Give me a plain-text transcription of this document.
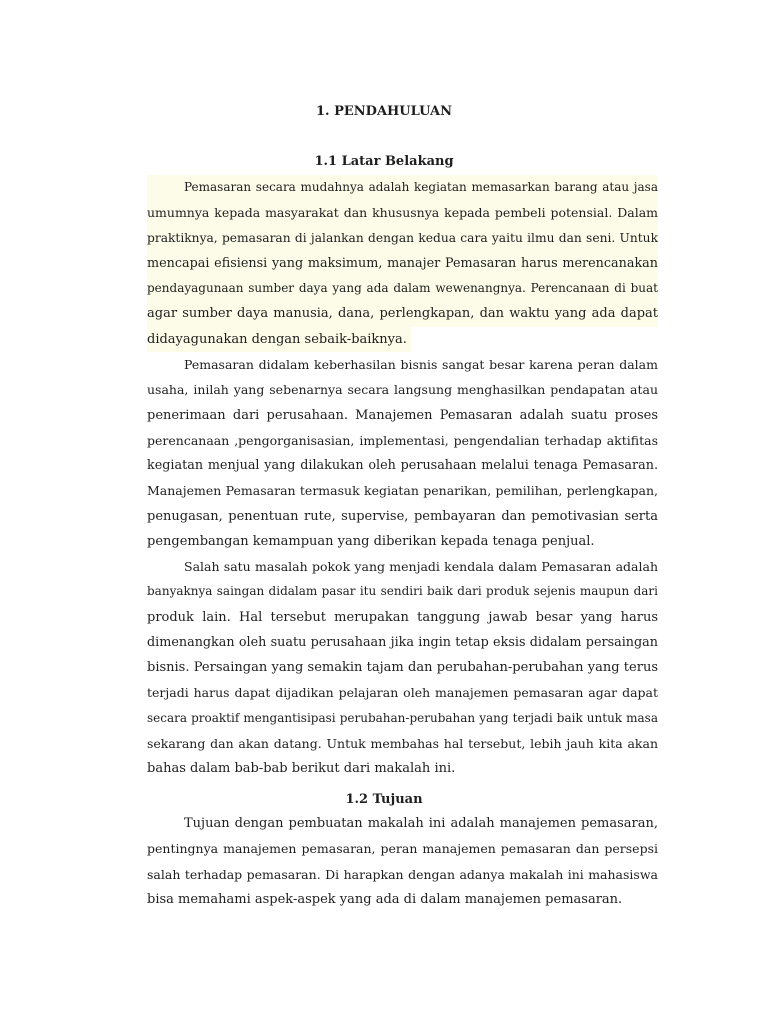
1. PENDAHULUAN
1.1 Latar Belakang
Pemasaran secara mudahnya adalah kegiatan memasarkan barang atau jasa
umumnya kepada masyarakat dan khususnya kepada pembeli potensial. Dalam
praktiknya, pemasaran di jalankan dengan kedua cara yaitu ilmu dan seni. Untuk
mencapai efisiensi yang maksimum, manajer Pemasaran harus merencanakan
pendayagunaan sumber daya yang ada dalam wewenangnya. Perencanaan di buat
agar sumber daya manusia, dana, perlengkapan, dan waktu yang ada dapat
didayagunakan dengan sebaik-baiknya.
Pemasaran didalam keberhasilan bisnis sangat besar karena peran dalam
usaha, inilah yang sebenarnya secara langsung menghasilkan pendapatan atau
penerimaan dari perusahaan. Manajemen Pemasaran adalah suatu proses
perencanaan ,pengorganisasian, implementasi, pengendalian terhadap aktifitas
kegiatan menjual yang dilakukan oleh perusahaan melalui tenaga Pemasaran.
Manajemen Pemasaran termasuk kegiatan penarikan, pemilihan, perlengkapan,
penugasan, penentuan rute, supervise, pembayaran dan pemotivasian serta
pengembangan kemampuan yang diberikan kepada tenaga penjual.
Salah satu masalah pokok yang menjadi kendala dalam Pemasaran adalah
banyaknya saingan didalam pasar itu sendiri baik dari produk sejenis maupun dari
produk lain. Hal tersebut merupakan tanggung jawab besar yang harus
dimenangkan oleh suatu perusahaan jika ingin tetap eksis didalam persaingan
bisnis. Persaingan yang semakin tajam dan perubahan-perubahan yang terus
terjadi harus dapat dijadikan pelajaran oleh manajemen pemasaran agar dapat
secara proaktif mengantisipasi perubahan-perubahan yang terjadi baik untuk masa
sekarang dan akan datang. Untuk membahas hal tersebut, lebih jauh kita akan
bahas dalam bab-bab berikut dari makalah ini.
1.2 Tujuan
Tujuan dengan pembuatan makalah ini adalah manajemen pemasaran,
pentingnya manajemen pemasaran, peran manajemen pemasaran dan persepsi
salah terhadap pemasaran. Di harapkan dengan adanya makalah ini mahasiswa
bisa memahami aspek-aspek yang ada di dalam manajemen pemasaran.
